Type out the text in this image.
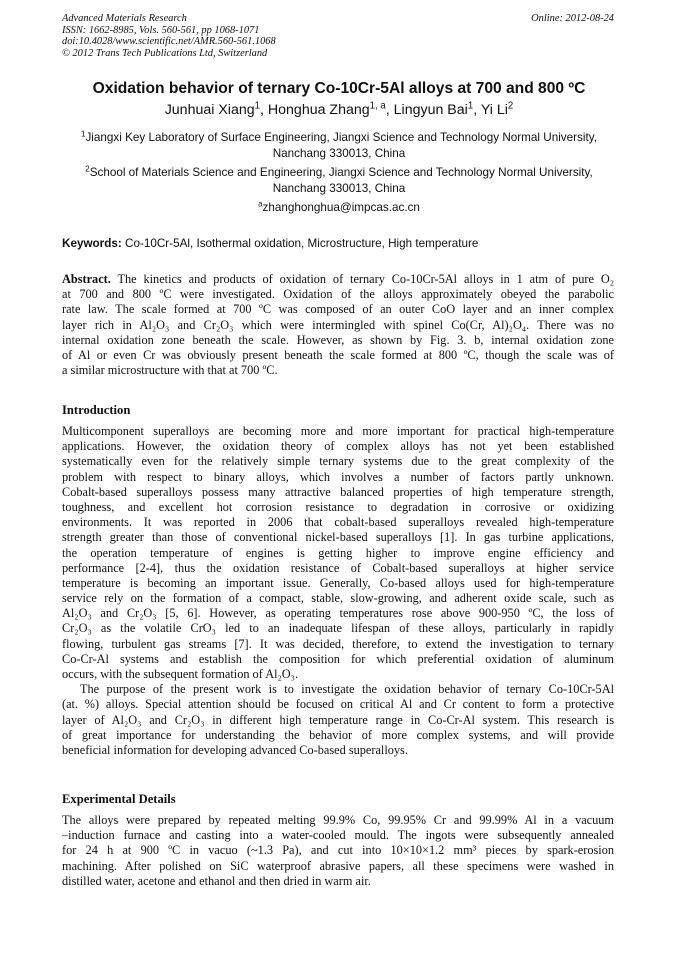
Advanced Materials Research
ISSN: 1662-8985, Vols. 560-561, pp 1068-1071
doi:10.4028/www.scientific.net/AMR.560-561.1068
© 2012 Trans Tech Publications Ltd, Switzerland
Online: 2012-08-24
Oxidation behavior of ternary Co-10Cr-5Al alloys at 700 and 800 ºC
Junhuai Xiang$^1$, Honghua Zhang$^{1, a}$, Lingyun Bai$^1$, Yi Li$^2$
$^1$Jiangxi Key Laboratory of Surface Engineering, Jiangxi Science and Technology Normal University, Nanchang 330013, China
$^2$School of Materials Science and Engineering, Jiangxi Science and Technology Normal University, Nanchang 330013, China
$^a$zhanghonghua@impcas.ac.cn
Keywords: Co-10Cr-5Al, Isothermal oxidation, Microstructure, High temperature
Abstract. The kinetics and products of oxidation of ternary Co-10Cr-5Al alloys in 1 atm of pure O₂
at 700 and 800 ºC were investigated. Oxidation of the alloys approximately obeyed the parabolic
rate law. The scale formed at 700 ºC was composed of an outer CoO layer and an inner complex
layer rich in Al₂O₃ and Cr₂O₃ which were intermingled with spinel Co(Cr, Al)₂O₄. There was no
internal oxidation zone beneath the scale. However, as shown by Fig. 3. b, internal oxidation zone
of Al or even Cr was obviously present beneath the scale formed at 800 ºC, though the scale was of
a similar microstructure with that at 700 ºC.
Introduction
Multicomponent superalloys are becoming more and more important for practical high-temperature
applications. However, the oxidation theory of complex alloys has not yet been established
systematically even for the relatively simple ternary systems due to the great complexity of the
problem with respect to binary alloys, which involves a number of factors partly unknown.
Cobalt-based superalloys possess many attractive balanced properties of high temperature strength,
toughness, and excellent hot corrosion resistance to degradation in corrosive or oxidizing
environments. It was reported in 2006 that cobalt-based superalloys revealed high-temperature
strength greater than those of conventional nickel-based superalloys [1]. In gas turbine applications,
the operation temperature of engines is getting higher to improve engine efficiency and
performance [2-4], thus the oxidation resistance of Cobalt-based superalloys at higher service
temperature is becoming an important issue. Generally, Co-based alloys used for high-temperature
service rely on the formation of a compact, stable, slow-growing, and adherent oxide scale, such as
Al₂O₃ and Cr₂O₃ [5, 6]. However, as operating temperatures rose above 900-950 ºC, the loss of
Cr₂O₃ as the volatile CrO₃ led to an inadequate lifespan of these alloys, particularly in rapidly
flowing, turbulent gas streams [7]. It was decided, therefore, to extend the investigation to ternary
Co-Cr-Al systems and establish the composition for which preferential oxidation of aluminum
occurs, with the subsequent formation of Al₂O₃.
The purpose of the present work is to investigate the oxidation behavior of ternary Co-10Cr-5Al
(at. %) alloys. Special attention should be focused on critical Al and Cr content to form a protective
layer of Al₂O₃ and Cr₂O₃ in different high temperature range in Co-Cr-Al system. This research is
of great importance for understanding the behavior of more complex systems, and will provide
beneficial information for developing advanced Co-based superalloys.
Experimental Details
The alloys were prepared by repeated melting 99.9% Co, 99.95% Cr and 99.99% Al in a vacuum
–induction furnace and casting into a water-cooled mould. The ingots were subsequently annealed
for 24 h at 900 ºC in vacuo (~1.3 Pa), and cut into 10×10×1.2 mm³ pieces by spark-erosion
machining. After polished on SiC waterproof abrasive papers, all these specimens were washed in
distilled water, acetone and ethanol and then dried in warm air.
